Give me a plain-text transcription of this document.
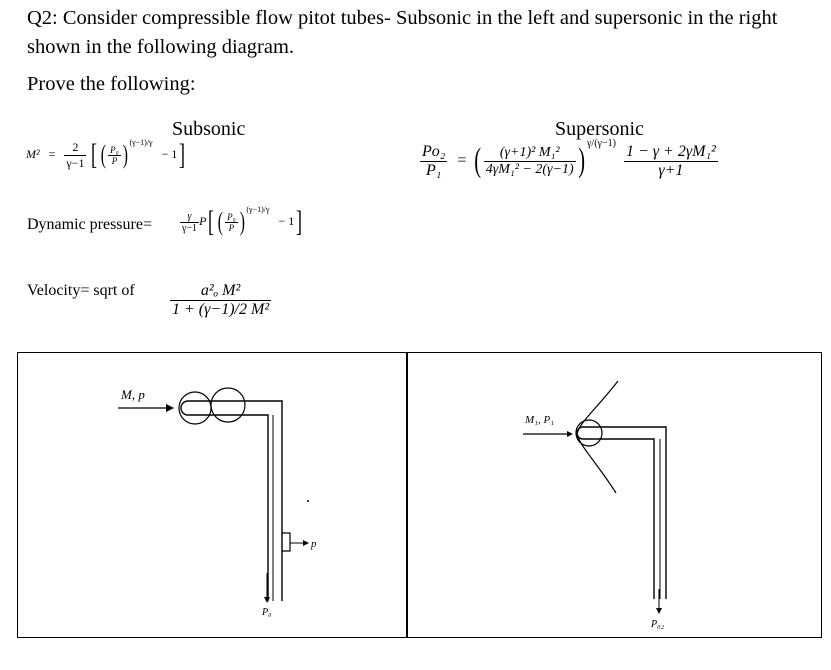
Q2: Consider compressible flow pitot tubes- Subsonic in the left and supersonic in the right shown in the following diagram.
Prove the following:
Subsonic	Supersonic
$M^2 = \frac{2}{\gamma-1}$ [ ( $\frac{\text{P₀}}{P}$ ) $^{(\gamma-1)/\gamma}$ − 1]
Dynamic pressure=	$\frac{\gamma}{\gamma-1} P$[ ( $\frac{\text{P₀}}{P}$ ) $^{(\gamma-1)/\gamma}$ − 1]
Velocity= sqrt of $\frac{\text{a²ₒ M²}}{\text{1 + (γ−1)/2 M²}}$
$\frac{\text{Po₂}}{\text{P₁}}$ = ( $\frac{\text{(γ+1)² M₁²}}{\text{4γM₁² − 2(γ−1)}}$ ) $^{\gamma/(\gamma-1)} \frac{\text{1 − γ + 2γM₁²}}{\gamma+1}$
M, p
p
P₀
M₁, P₁
P₀₂
